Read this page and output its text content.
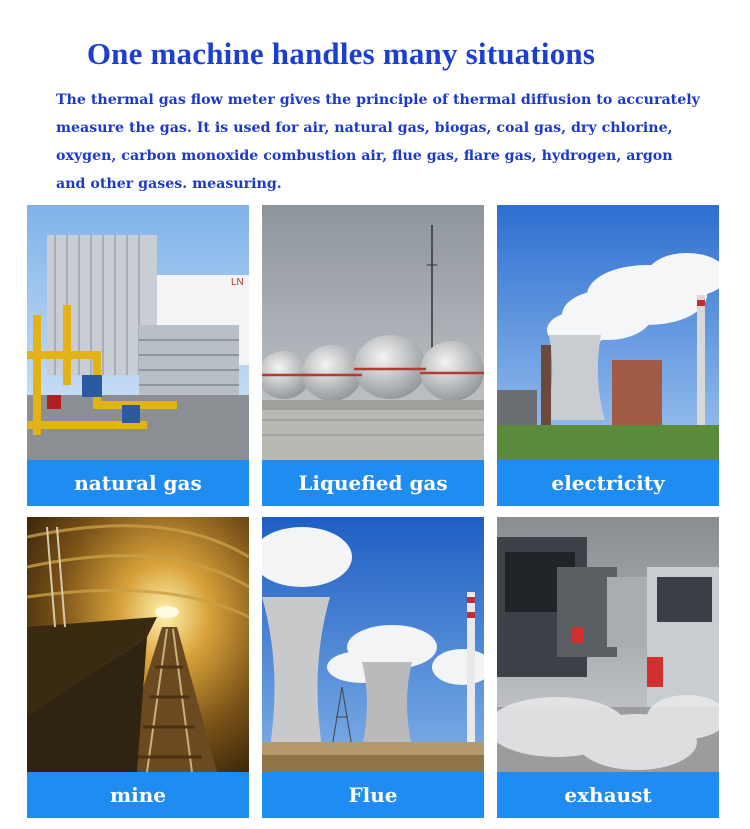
One machine handles many situations

The thermal gas flow meter gives the principle of thermal diffusion to accurately measure the gas. It is used for air, natural gas, biogas, coal gas, dry chlorine, oxygen, carbon monoxide combustion air, flue gas, flare gas, hydrogen, argon and other gases. measuring.

LN
natural gas	Liquefied gas	electricity
mine	Flue	exhaust
